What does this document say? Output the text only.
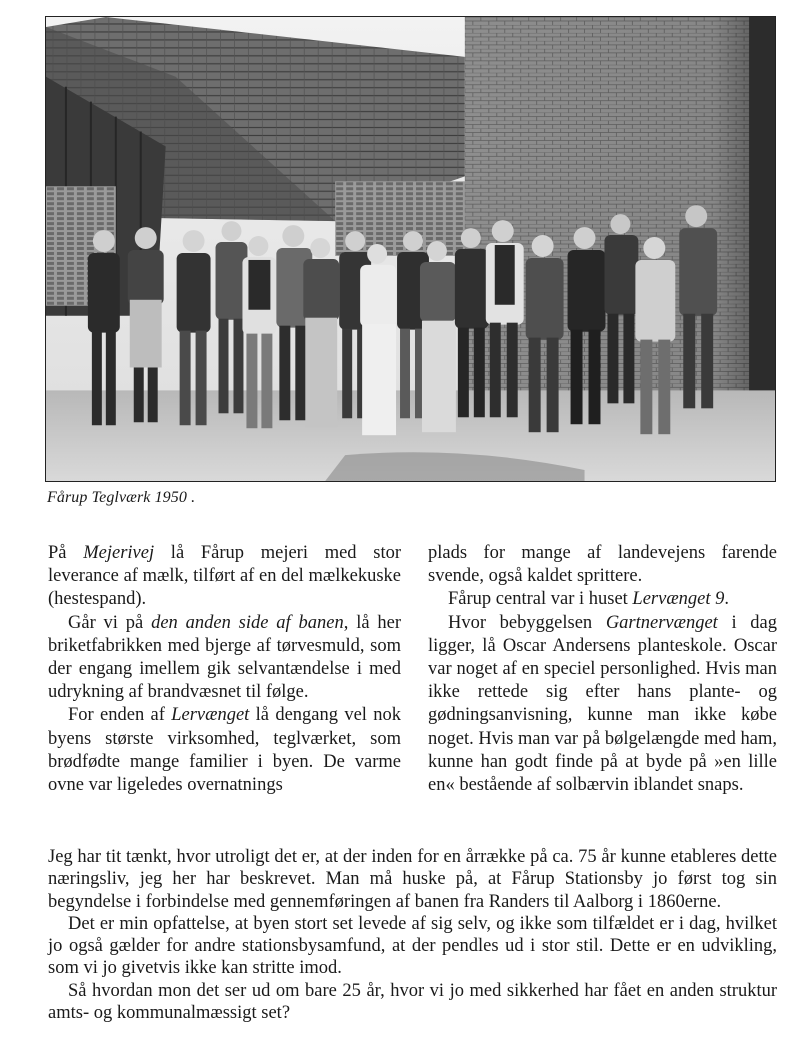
Fårup Teglværk 1950 .

På Mejerivej lå Fårup mejeri med stor leverance af mælk, tilført af en del mælkekuske (hestespand).

Går vi på den anden side af banen, lå her briketfabrikken med bjerge af tørvesmuld, som der engang imellem gik selvantændelse i med udrykning af brandvæsnet til følge.

For enden af Lervænget lå dengang vel nok byens største virksomhed, teglværket, som brødfødte mange familier i byen. De varme ovne var ligeledes overnatnings

plads for mange af landevejens farende svende, også kaldet sprittere.

Fårup central var i huset Lervænget 9.

Hvor bebyggelsen Gartnervænget i dag ligger, lå Oscar Andersens planteskole. Oscar var noget af en speciel personlighed. Hvis man ikke rettede sig efter hans plante- og gødningsanvisning, kunne man ikke købe noget. Hvis man var på bølgelængde med ham, kunne han godt finde på at byde på »en lille en« bestående af solbærvin iblandet snaps.

Jeg har tit tænkt, hvor utroligt det er, at der inden for en årrække på ca. 75 år kunne etableres dette næringsliv, jeg her har beskrevet. Man må huske på, at Fårup Stationsby jo først tog sin begyndelse i forbindelse med gennemføringen af banen fra Randers til Aalborg i 1860erne.

Det er min opfattelse, at byen stort set levede af sig selv, og ikke som tilfældet er i dag, hvilket jo også gælder for andre stationsbysamfund, at der pendles ud i stor stil. Dette er en udvikling, som vi jo givetvis ikke kan stritte imod.

Så hvordan mon det ser ud om bare 25 år, hvor vi jo med sikkerhed har fået en anden struktur amts- og kommunalmæssigt set?
